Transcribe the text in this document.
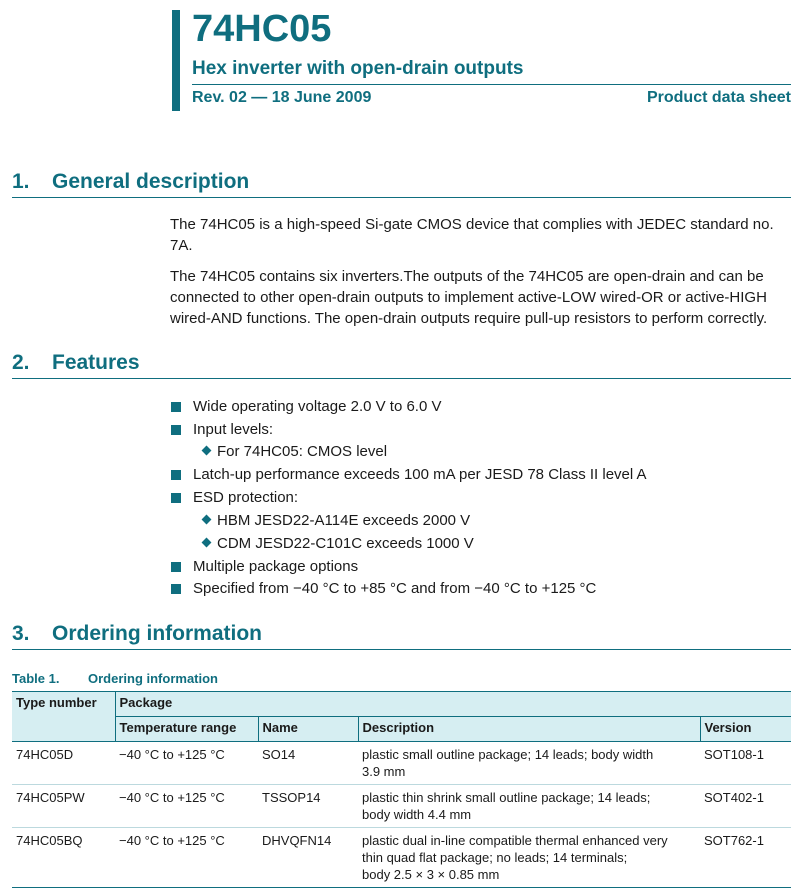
74HC05
Hex inverter with open-drain outputs
Rev. 02 — 18 June 2009	Product data sheet
1. General description

The 74HC05 is a high-speed Si-gate CMOS device that complies with JEDEC standard no. 7A.

The 74HC05 contains six inverters.The outputs of the 74HC05 are open-drain and can be connected to other open-drain outputs to implement active-LOW wired-OR or active-HIGH wired-AND functions. The open-drain outputs require pull-up resistors to perform correctly.

2. Features
Wide operating voltage 2.0 V to 6.0 V
Input levels:
For 74HC05: CMOS level
Latch-up performance exceeds 100 mA per JESD 78 Class II level A
ESD protection:
HBM JESD22-A114E exceeds 2000 V
CDM JESD22-C101C exceeds 1000 V
Multiple package options
Specified from −40 °C to +85 °C and from −40 °C to +125 °C
3. Ordering information
Table 1. Ordering information
Type number	Package			
	Temperature range	Name	Description	Version
74HC05D	−40 °C to +125 °C	SO14	plastic small outline package; 14 leads; body width
3.9 mm	SOT108-1
74HC05PW	−40 °C to +125 °C	TSSOP14	plastic thin shrink small outline package; 14 leads;
body width 4.4 mm	SOT402-1
74HC05BQ	−40 °C to +125 °C	DHVQFN14	plastic dual in-line compatible thermal enhanced very
thin quad flat package; no leads; 14 terminals;
body 2.5 × 3 × 0.85 mm	SOT762-1
